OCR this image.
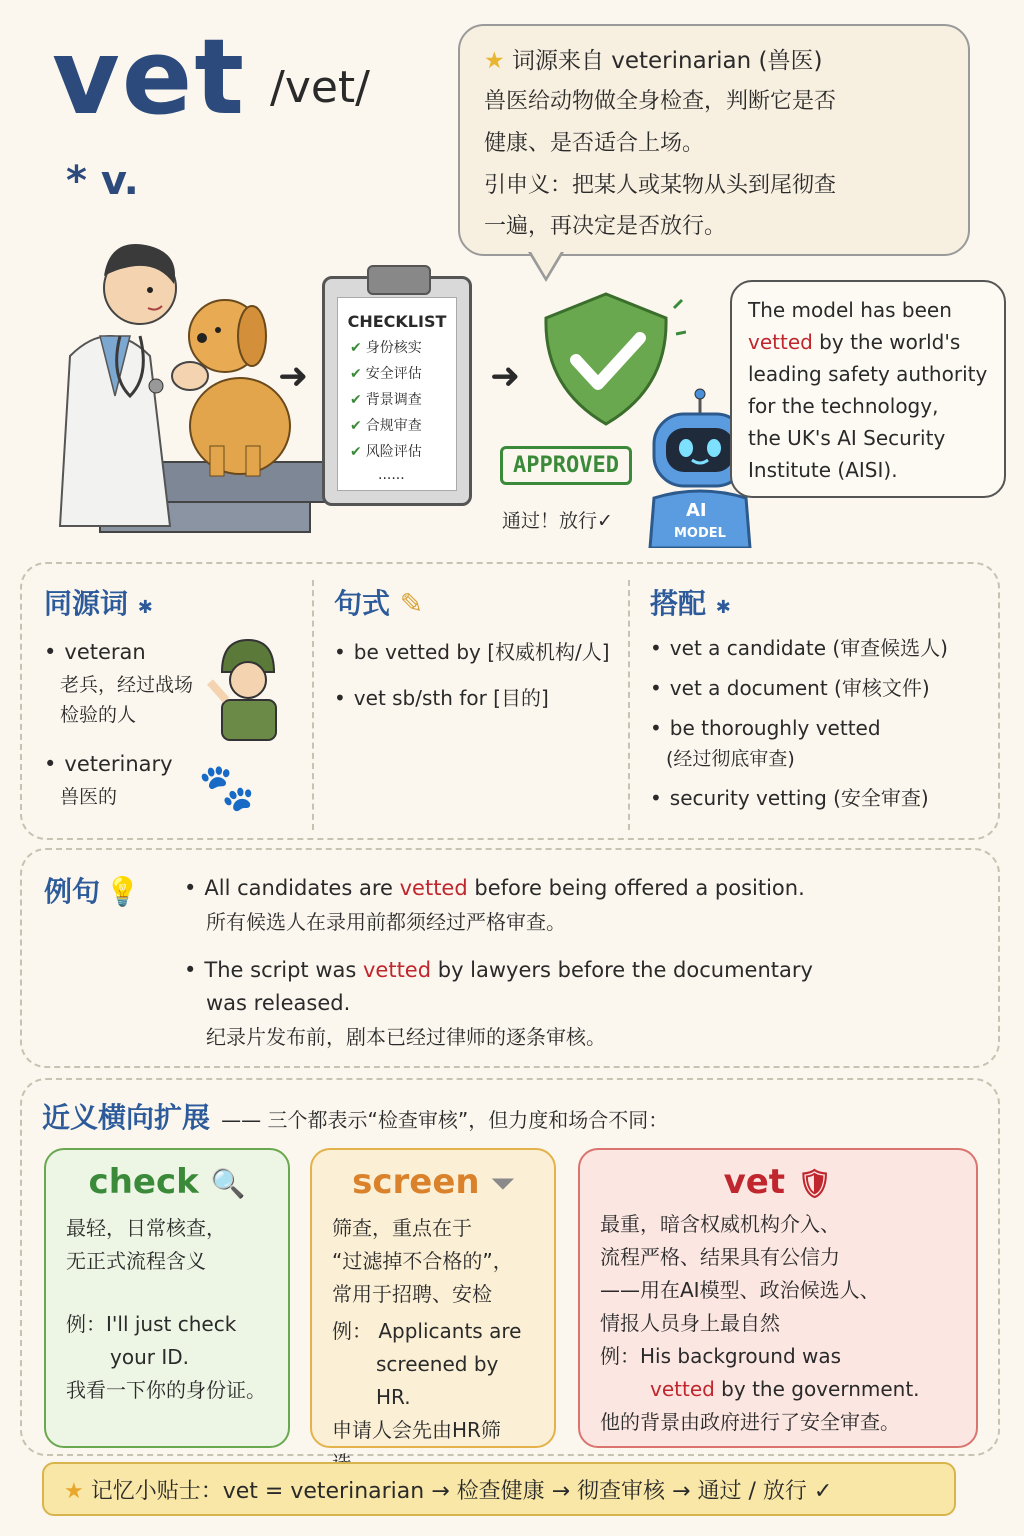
vet /vet/
* v.
★ 词源来自 veterinarian (兽医)
兽医给动物做全身检查，判断它是否
健康、是否适合上场。
引申义：把某人或某物从头到尾彻查
一遍，再决定是否放行。
➜	➜
CHECKLIST
✔ 身份核实
✔ 安全评估
✔ 背景调查
✔ 合规审查
✔ 风险评估
......	APPROVED
通过！放行✓	AI
MODEL
The model has been
vetted by the world's
leading safety authority
for the technology,
the UK's AI Security
Institute (AISI).
同源词 ✱
• veteran
老兵，经过战场
检验的人
• veterinary
兽医的	🐾
句式 ✎
• be vetted by [权威机构/人]
• vet sb/sth for [目的]
搭配 ✱
• vet a candidate (审查候选人)
• vet a document (审核文件)
• be thoroughly vetted
(经过彻底审查)
• security vetting (安全审查)
例句 💡 • All candidates are vetted before being offered a position.
所有候选人在录用前都须经过严格审查。
• The script was vetted by lawyers before the documentary
was released.
纪录片发布前，剧本已经过律师的逐条审核。
近义横向扩展 —— 三个都表示“检查审核”，但力度和场合不同：
check 🔍
最轻，日常核查，
无正式流程含义
例：I'll just check
your ID.
我看一下你的身份证。
screen ⏷
筛查，重点在于
“过滤掉不合格的”，
常用于招聘、安检
例： Applicants are
screened by HR.
申请人会先由HR筛
vet 🛡
最重，暗含权威机构介入、
流程严格、结果具有公信力
——用在AI模型、政治候选人、
情报人员身上最自然
例：His background was
vetted by the government.
他的背景由政府进行了安全审查。
★ 记忆小贴士：vet = veterinarian → 检查健康 → 彻查审核 → 通过 / 放行 ✓
